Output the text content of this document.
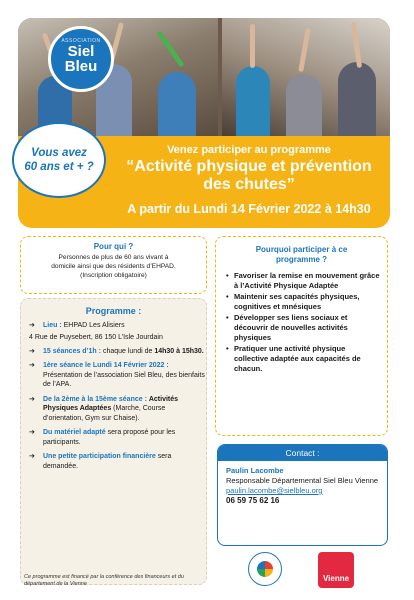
ASSOCIATION
Siel
Bleu
Venez participer au programme
“Activité physique et prévention
des chutes”
A partir du Lundi 14 Février 2022 à 14h30
Vous avez
60 ans et + ?
Pour qui ?

Personnes de plus de 60 ans vivant à
domicile ainsi que des résidents d’EHPAD.
(Inscription obligatoire)

Programme :
➔ Lieu : EHPAD Les Alisiers
4 Rue de Puysebert, 86 150 L’Isle Jourdain
➔ 15 séances d’1h : chaque lundi de 14h30 à 15h30.
➔ 1ère séance le Lundi 14 Février 2022 : Présentation de l’association Siel Bleu, des bienfaits de l’APA.
➔ De la 2ème à la 15ème séance : Activités Physiques Adaptées (Marche, Course d’orientation, Gym sur Chaise).
➔ Du matériel adapté sera proposé pour les participants.
➔ Une petite participation financière sera demandée.
Pourquoi participer à ce
programme ?
• Favoriser la remise en mouvement grâce à l’Activité Physique Adaptée
• Maintenir ses capacités physiques, cognitives et mnésiques
• Développer ses liens sociaux et découvrir de nouvelles activités physiques
• Pratiquer une activité physique collective adaptée aux capacités de chacun.
Contact :
Paulin Lacombe
Responsable Départemental Siel Bleu Vienne
paulin.lacombe@sielbleu.org
06 59 75 62 16
Ce programme est financé par la conférence des financeurs et du département de la Vienne
Vienne
